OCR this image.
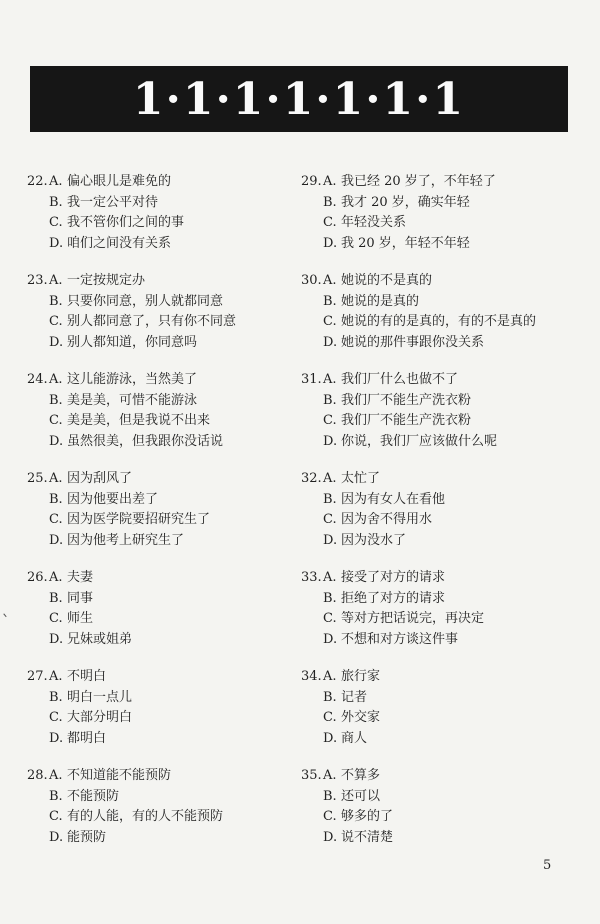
1·1·1·1·1·1·1
22. A. 偏心眼儿是难免的
B. 我一定公平对待
C. 我不管你们之间的事
D. 咱们之间没有关系
23. A. 一定按规定办
B. 只要你同意，别人就都同意
C. 别人都同意了，只有你不同意
D. 别人都知道，你同意吗
24. A. 这儿能游泳，当然美了
B. 美是美，可惜不能游泳
C. 美是美，但是我说不出来
D. 虽然很美，但我跟你没话说
25. A. 因为刮风了
B. 因为他要出差了
C. 因为医学院要招研究生了
D. 因为他考上研究生了
26. A. 夫妻
B. 同事
C. 师生
D. 兄妹或姐弟
27. A. 不明白
B. 明白一点儿
C. 大部分明白
D. 都明白
28. A. 不知道能不能预防
B. 不能预防
C. 有的人能，有的人不能预防
D. 能预防
29. A. 我已经 20 岁了，不年轻了
B. 我才 20 岁，确实年轻
C. 年轻没关系
D. 我 20 岁，年轻不年轻
30. A. 她说的不是真的
B. 她说的是真的
C. 她说的有的是真的，有的不是真的
D. 她说的那件事跟你没关系
31. A. 我们厂什么也做不了
B. 我们厂不能生产洗衣粉
C. 我们厂不能生产洗衣粉
D. 你说，我们厂应该做什么呢
32. A. 太忙了
B. 因为有女人在看他
C. 因为舍不得用水
D. 因为没水了
33. A. 接受了对方的请求
B. 拒绝了对方的请求
C. 等对方把话说完，再决定
D. 不想和对方谈这件事
34. A. 旅行家
B. 记者
C. 外交家
D. 商人
35. A. 不算多
B. 还可以
C. 够多的了
D. 说不清楚
5
